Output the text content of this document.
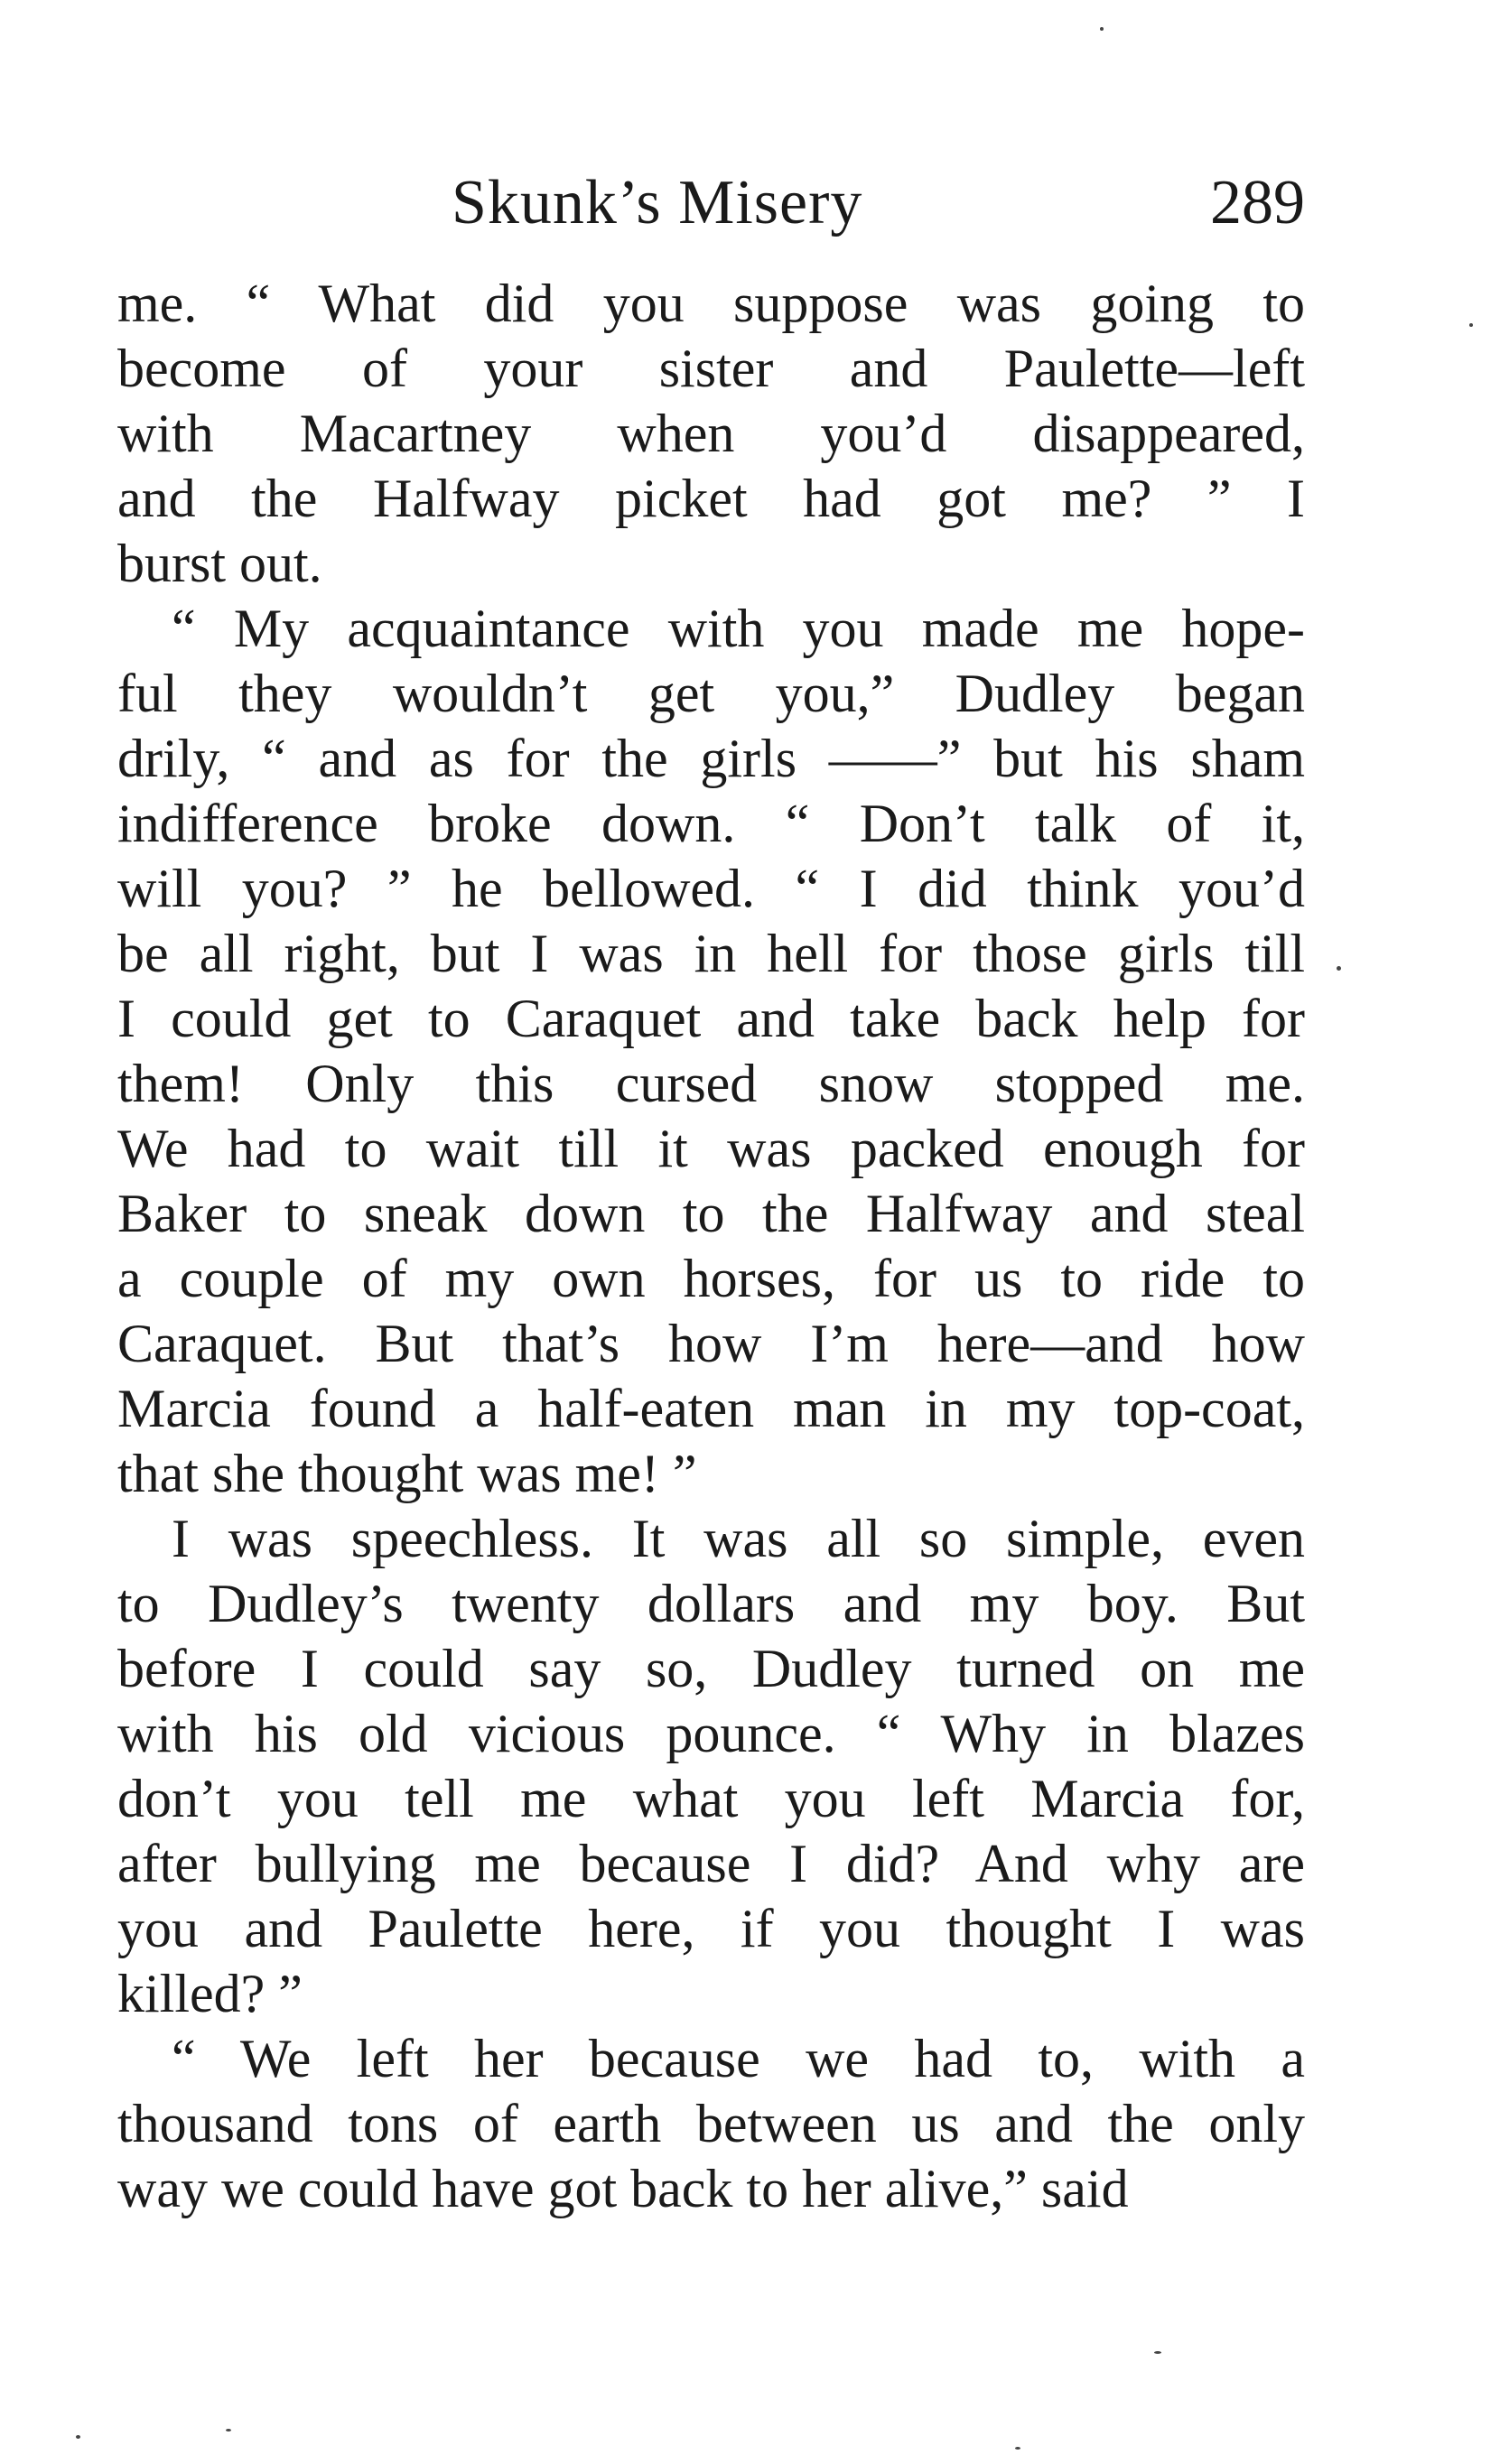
Skunk’s Misery	289
me. “ What did you suppose was going to
become of your sister and Paulette—left
with Macartney when you’d disappeared,
and the Halfway picket had got me? ” I
burst out.
“ My acquaintance with you made me hope-
ful they wouldn’t get you,” Dudley began
drily, “ and as for the girls ——” but his sham
indifference broke down. “ Don’t talk of it,
will you? ” he bellowed. “ I did think you’d
be all right, but I was in hell for those girls till
I could get to Caraquet and take back help for
them! Only this cursed snow stopped me.
We had to wait till it was packed enough for
Baker to sneak down to the Halfway and steal
a couple of my own horses, for us to ride to
Caraquet. But that’s how I’m here—and how
Marcia found a half-eaten man in my top-coat,
that she thought was me! ”
I was speechless. It was all so simple, even
to Dudley’s twenty dollars and my boy. But
before I could say so, Dudley turned on me
with his old vicious pounce. “ Why in blazes
don’t you tell me what you left Marcia for,
after bullying me because I did? And why are
you and Paulette here, if you thought I was
killed? ”
“ We left her because we had to, with a
thousand tons of earth between us and the only
way we could have got back to her alive,” said
